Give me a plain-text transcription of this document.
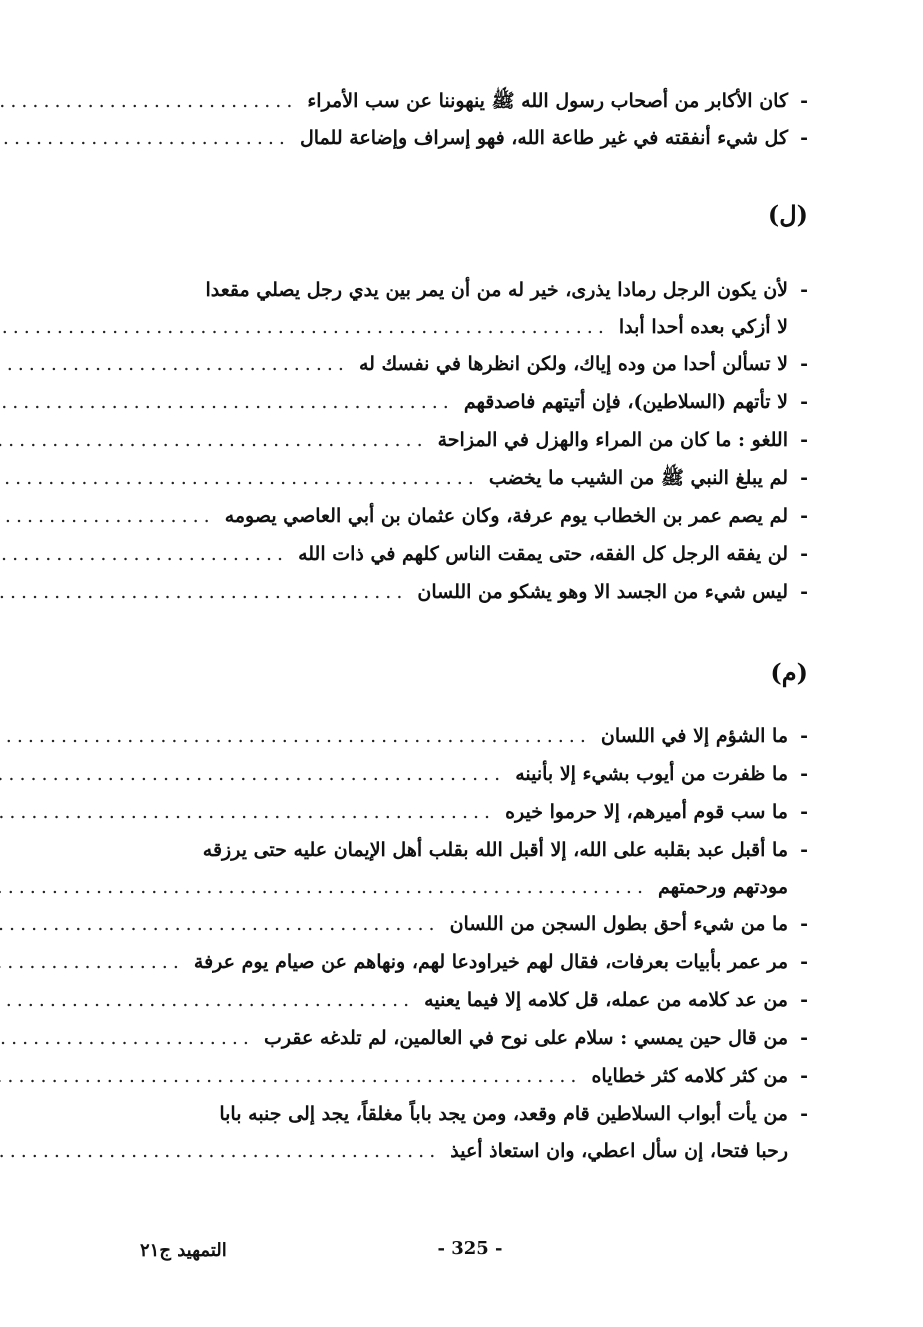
-
كان الأكابر من أصحاب رسول الله ﷺ ينهوننا عن سب الأمراء
.....
-
كل شيء أنفقته في غير طاعة الله، فهو إسراف وإضاعة للمال
.....
(ل)
-
لأن يكون الرجل رمادا يذرى، خير له من أن يمر بين يدي رجل يصلي مقعدا
لا أزكي بعده أحدا أبدا
.....
-
لا تسألن أحدا من وده إياك، ولكن انظرها في نفسك له
.....
-
لا تأتهم (السلاطين)، فإن أتيتهم فاصدقهم
.....
-
اللغو : ما كان من المراء والهزل في المزاحة
.....
-
لم يبلغ النبي ﷺ من الشيب ما يخضب
.....
-
لم يصم عمر بن الخطاب يوم عرفة، وكان عثمان بن أبي العاصي يصومه
.....
-
لن يفقه الرجل كل الفقه، حتى يمقت الناس كلهم في ذات الله
.....
-
ليس شيء من الجسد الا وهو يشكو من اللسان
.....
(م)
-
ما الشؤم إلا في اللسان
.....
-
ما ظفرت من أيوب بشيء إلا بأنينه
.....
-
ما سب قوم أميرهم، إلا حرموا خيره
.....
-
ما أقبل عبد بقلبه على الله، إلا أقبل الله بقلب أهل الإيمان عليه حتى يرزقه
مودتهم ورحمتهم
.....
-
ما من شيء أحق بطول السجن من اللسان
.....
-
مر عمر بأبيات بعرفات، فقال لهم خيراودعا لهم، ونهاهم عن صيام يوم عرفة
.....
-
من عد كلامه من عمله، قل كلامه إلا فيما يعنيه
.....
-
من قال حين يمسي : سلام على نوح في العالمين، لم تلدغه عقرب
.....
-
من كثر كلامه كثر خطاياه
.....
-
من يأت أبواب السلاطين قام وقعد، ومن يجد باباً مغلقاً، يجد إلى جنبه بابا
رحبا فتحا، إن سأل اعطي، وان استعاذ أعيذ
.....
التمهيد ج٢١	- 325 -
